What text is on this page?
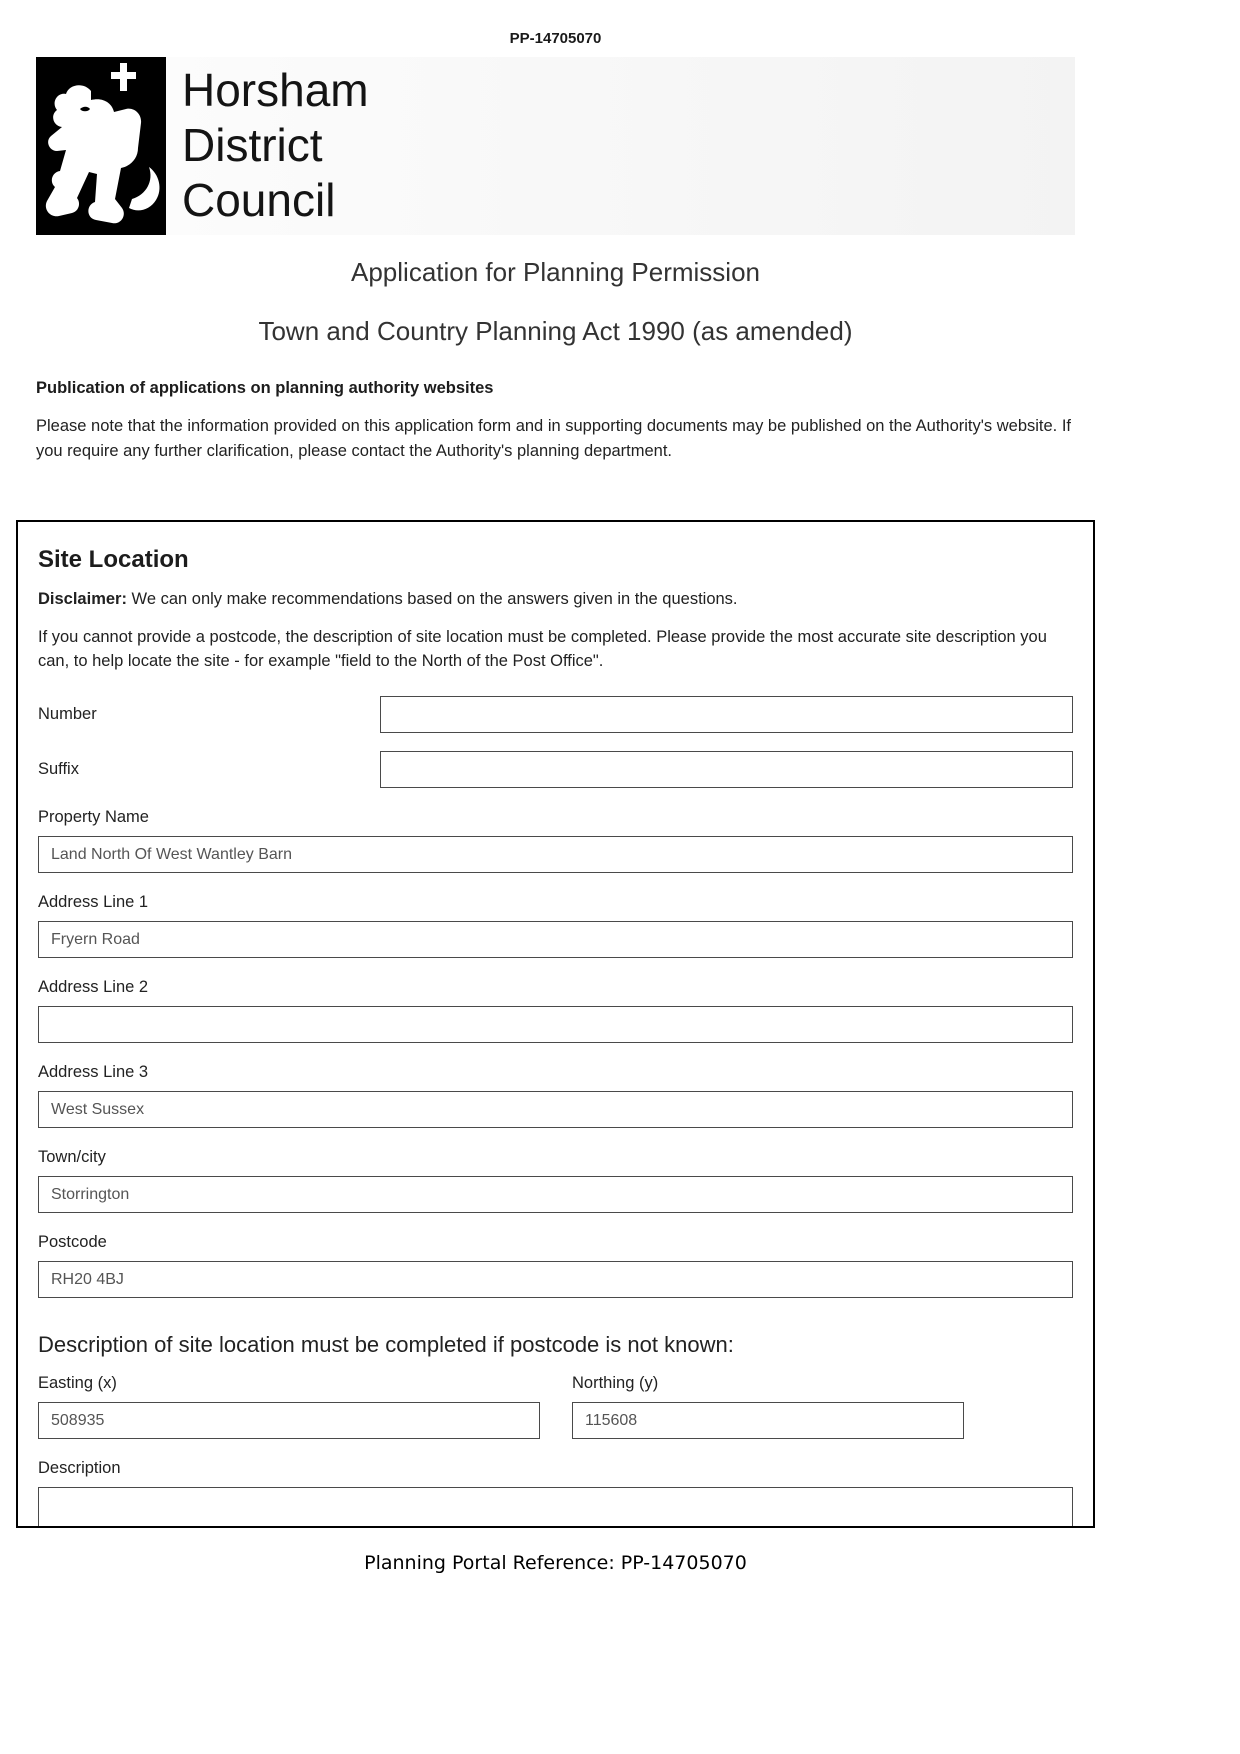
PP-14705070
Horsham
District
Council
Application for Planning Permission
Town and Country Planning Act 1990 (as amended)
Publication of applications on planning authority websites
Please note that the information provided on this application form and in supporting documents may be published on the Authority's website. If you require any further clarification, please contact the Authority's planning department.
Site Location
Disclaimer: We can only make recommendations based on the answers given in the questions.
If you cannot provide a postcode, the description of site location must be completed. Please provide the most accurate site description you can, to help locate the site - for example "field to the North of the Post Office".
Number
Suffix
Property Name
Land North Of West Wantley Barn
Address Line 1
Fryern Road
Address Line 2
Address Line 3
West Sussex
Town/city
Storrington
Postcode
RH20 4BJ
Description of site location must be completed if postcode is not known:
Easting (x)
508935	Northing (y)
115608
Description
Planning Portal Reference: PP-14705070
